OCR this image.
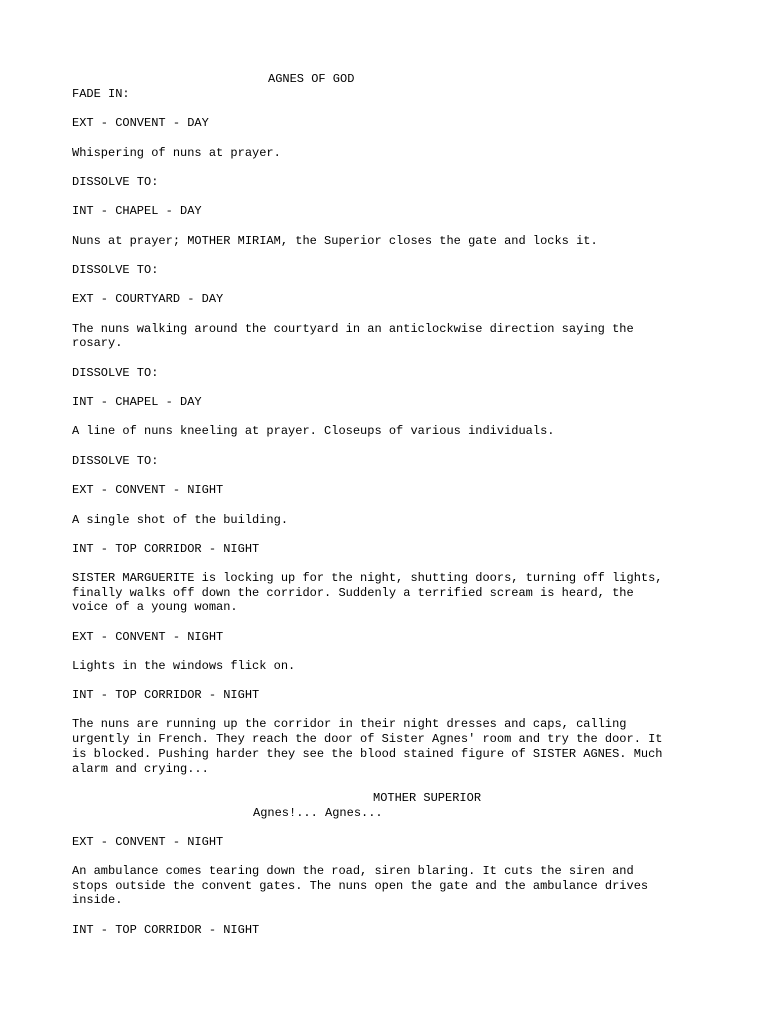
AGNES OF GOD
FADE IN:
EXT - CONVENT - DAY
Whispering of nuns at prayer.
DISSOLVE TO:
INT - CHAPEL - DAY
Nuns at prayer; MOTHER MIRIAM, the Superior closes the gate and locks it.
DISSOLVE TO:
EXT - COURTYARD - DAY
The nuns walking around the courtyard in an anticlockwise direction saying the
rosary.
DISSOLVE TO:
INT - CHAPEL - DAY
A line of nuns kneeling at prayer. Closeups of various individuals.
DISSOLVE TO:
EXT - CONVENT - NIGHT
A single shot of the building.
INT - TOP CORRIDOR - NIGHT
SISTER MARGUERITE is locking up for the night, shutting doors, turning off lights,
finally walks off down the corridor. Suddenly a terrified scream is heard, the
voice of a young woman.
EXT - CONVENT - NIGHT
Lights in the windows flick on.
INT - TOP CORRIDOR - NIGHT
The nuns are running up the corridor in their night dresses and caps, calling
urgently in French. They reach the door of Sister Agnes' room and try the door. It
is blocked. Pushing harder they see the blood stained figure of SISTER AGNES. Much
alarm and crying...
MOTHER SUPERIOR
Agnes!... Agnes...
EXT - CONVENT - NIGHT
An ambulance comes tearing down the road, siren blaring. It cuts the siren and
stops outside the convent gates. The nuns open the gate and the ambulance drives
inside.
INT - TOP CORRIDOR - NIGHT
